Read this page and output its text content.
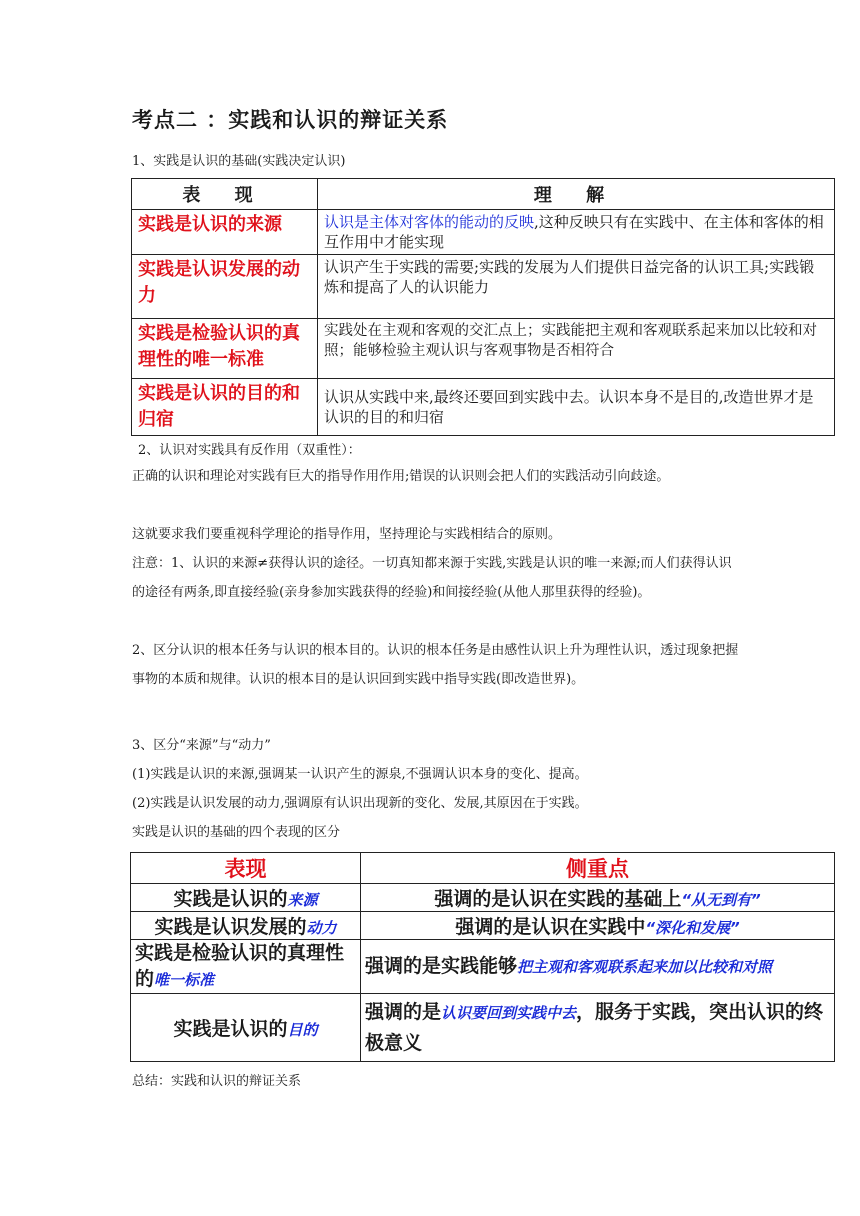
考点二 ：实践和认识的辩证关系
1、实践是认识的基础(实践决定认识)
表 现	理 解
实践是认识的来源	认识是主体对客体的能动的反映,这种反映只有在实践中、在主体和客体的相互作用中才能实现
实践是认识发展的动力	认识产生于实践的需要;实践的发展为人们提供日益完备的认识工具;实践锻炼和提高了人的认识能力
实践是检验认识的真理性的唯一标准	实践处在主观和客观的交汇点上；实践能把主观和客观联系起来加以比较和对照；能够检验主观认识与客观事物是否相符合
实践是认识的目的和归宿	认识从实践中来,最终还要回到实践中去。认识本身不是目的,改造世界才是认识的目的和归宿
2、认识对实践具有反作用（双重性）：
正确的认识和理论对实践有巨大的指导作用作用;错误的认识则会把人们的实践活动引向歧途。
这就要求我们要重视科学理论的指导作用，坚持理论与实践相结合的原则。
注意：1、认识的来源≠获得认识的途径。一切真知都来源于实践,实践是认识的唯一来源;而人们获得认识的途径有两条,即直接经验(亲身参加实践获得的经验)和间接经验(从他人那里获得的经验)。
2、区分认识的根本任务与认识的根本目的。认识的根本任务是由感性认识上升为理性认识，透过现象把握事物的本质和规律。认识的根本目的是认识回到实践中指导实践(即改造世界)。
3、区分“来源”与“动力”
(1)实践是认识的来源,强调某一认识产生的源泉,不强调认识本身的变化、提高。
(2)实践是认识发展的动力,强调原有认识出现新的变化、发展,其原因在于实践。
实践是认识的基础的四个表现的区分
表现	侧重点
实践是认识的来源	强调的是认识在实践的基础上“从无到有”
实践是认识发展的动力	强调的是认识在实践中“深化和发展”
实践是检验认识的真理性的唯一标准	强调的是实践能够把主观和客观联系起来加以比较和对照
实践是认识的目的	强调的是认识要回到实践中去，服务于实践，突出认识的终极意义
总结：实践和认识的辩证关系
